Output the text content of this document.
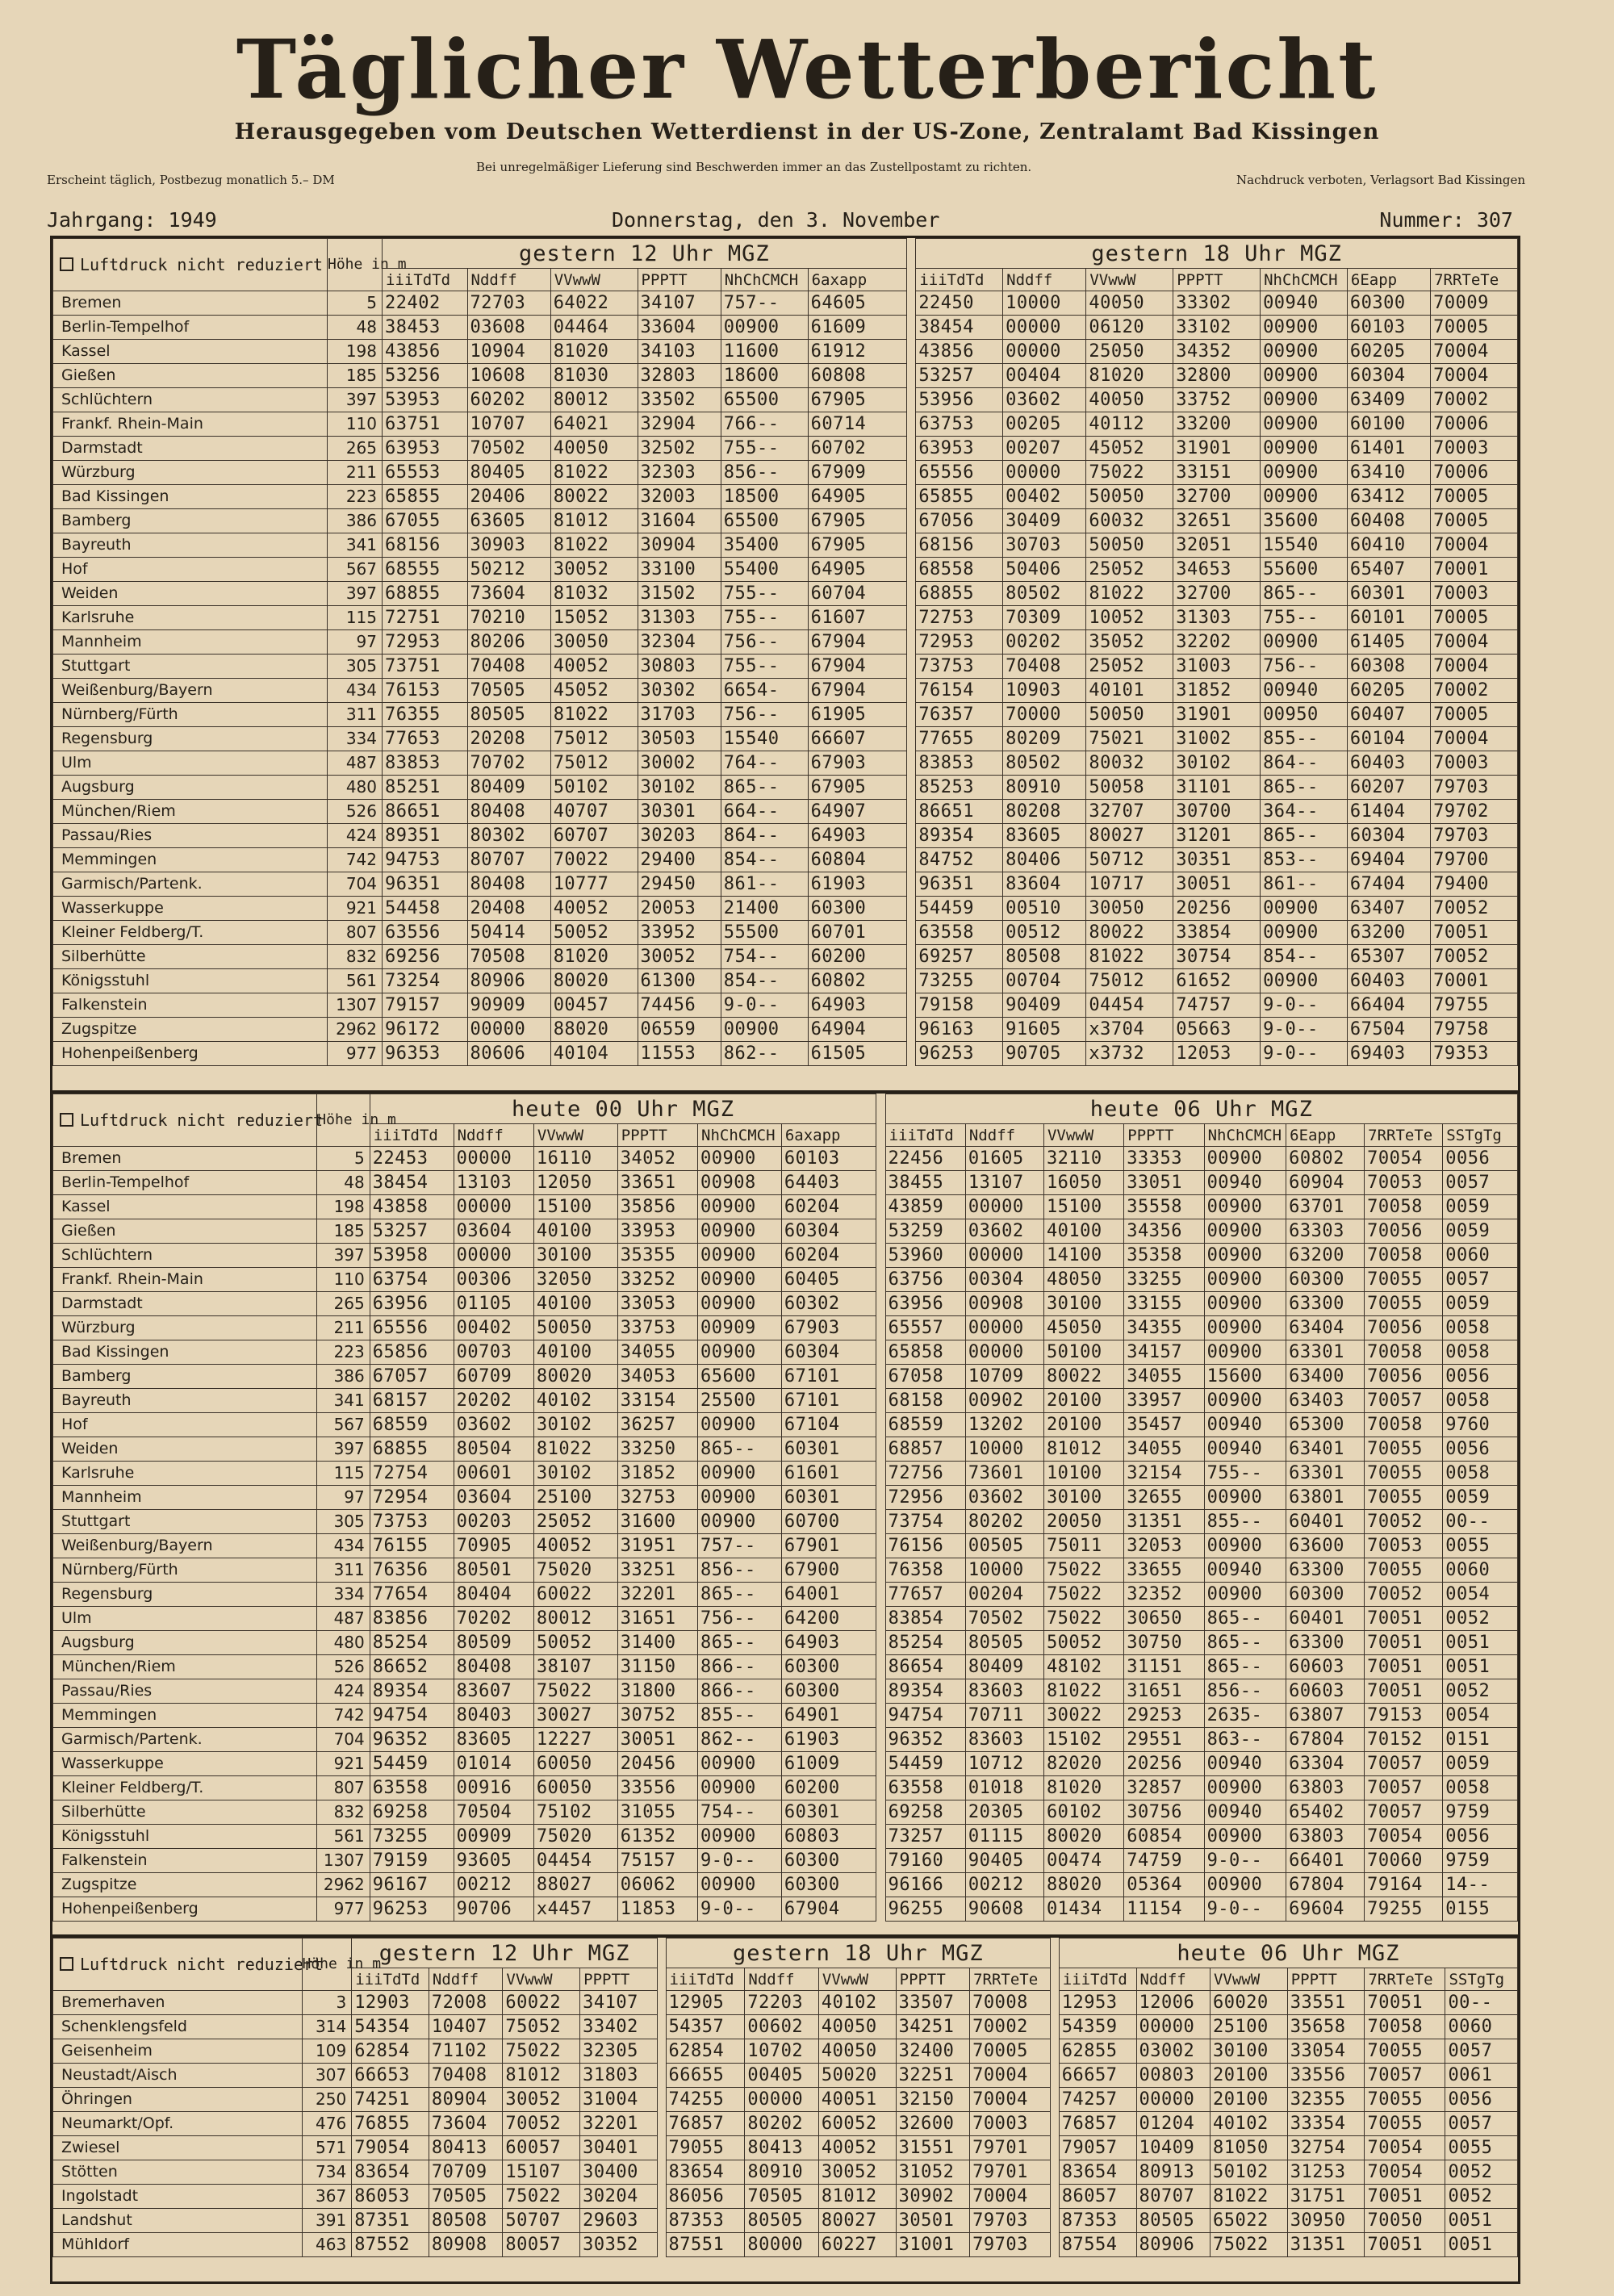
Täglicher Wetterbericht
Herausgegeben vom Deutschen Wetterdienst in der US-Zone, Zentralamt Bad Kissingen
Erscheint täglich, Postbezug monatlich 5.– DM
Bei unregelmäßiger Lieferung sind Beschwerden immer an das Zustellpostamt zu richten.
Nachdruck verboten, Verlagsort Bad Kissingen
Jahrgang: 1949	Donnerstag, den 3. November	Nummer: 307
Luftdruck nicht reduziert	Höhe in m	gestern 12 Uhr MGZ							gestern 18 Uhr MGZ						
		iiiTdTd	Nddff	VVwwW	PPPTT	NhChCMCH	6axapp		iiiTdTd	Nddff	VVwwW	PPPTT	NhChCMCH	6Eapp	7RRTeTe
Bremen	5	22402	72703	64022	34107	757--	64605		22450	10000	40050	33302	00940	60300	70009
Berlin-Tempelhof	48	38453	03608	04464	33604	00900	61609		38454	00000	06120	33102	00900	60103	70005
Kassel	198	43856	10904	81020	34103	11600	61912		43856	00000	25050	34352	00900	60205	70004
Gießen	185	53256	10608	81030	32803	18600	60808		53257	00404	81020	32800	00900	60304	70004
Schlüchtern	397	53953	60202	80012	33502	65500	67905		53956	03602	40050	33752	00900	63409	70002
Frankf. Rhein-Main	110	63751	10707	64021	32904	766--	60714		63753	00205	40112	33200	00900	60100	70006
Darmstadt	265	63953	70502	40050	32502	755--	60702		63953	00207	45052	31901	00900	61401	70003
Würzburg	211	65553	80405	81022	32303	856--	67909		65556	00000	75022	33151	00900	63410	70006
Bad Kissingen	223	65855	20406	80022	32003	18500	64905		65855	00402	50050	32700	00900	63412	70005
Bamberg	386	67055	63605	81012	31604	65500	67905		67056	30409	60032	32651	35600	60408	70005
Bayreuth	341	68156	30903	81022	30904	35400	67905		68156	30703	50050	32051	15540	60410	70004
Hof	567	68555	50212	30052	33100	55400	64905		68558	50406	25052	34653	55600	65407	70001
Weiden	397	68855	73604	81032	31502	755--	60704		68855	80502	81022	32700	865--	60301	70003
Karlsruhe	115	72751	70210	15052	31303	755--	61607		72753	70309	10052	31303	755--	60101	70005
Mannheim	97	72953	80206	30050	32304	756--	67904		72953	00202	35052	32202	00900	61405	70004
Stuttgart	305	73751	70408	40052	30803	755--	67904		73753	70408	25052	31003	756--	60308	70004
Weißenburg/Bayern	434	76153	70505	45052	30302	6654-	67904		76154	10903	40101	31852	00940	60205	70002
Nürnberg/Fürth	311	76355	80505	81022	31703	756--	61905		76357	70000	50050	31901	00950	60407	70005
Regensburg	334	77653	20208	75012	30503	15540	66607		77655	80209	75021	31002	855--	60104	70004
Ulm	487	83853	70702	75012	30002	764--	67903		83853	80502	80032	30102	864--	60403	70003
Augsburg	480	85251	80409	50102	30102	865--	67905		85253	80910	50058	31101	865--	60207	79703
München/Riem	526	86651	80408	40707	30301	664--	64907		86651	80208	32707	30700	364--	61404	79702
Passau/Ries	424	89351	80302	60707	30203	864--	64903		89354	83605	80027	31201	865--	60304	79703
Memmingen	742	94753	80707	70022	29400	854--	60804		84752	80406	50712	30351	853--	69404	79700
Garmisch/Partenk.	704	96351	80408	10777	29450	861--	61903		96351	83604	10717	30051	861--	67404	79400
Wasserkuppe	921	54458	20408	40052	20053	21400	60300		54459	00510	30050	20256	00900	63407	70052
Kleiner Feldberg/T.	807	63556	50414	50052	33952	55500	60701		63558	00512	80022	33854	00900	63200	70051
Silberhütte	832	69256	70508	81020	30052	754--	60200		69257	80508	81022	30754	854--	65307	70052
Königsstuhl	561	73254	80906	80020	61300	854--	60802		73255	00704	75012	61652	00900	60403	70001
Falkenstein	1307	79157	90909	00457	74456	9-0--	64903		79158	90409	04454	74757	9-0--	66404	79755
Zugspitze	2962	96172	00000	88020	06559	00900	64904		96163	91605	x3704	05663	9-0--	67504	79758
Hohenpeißenberg	977	96353	80606	40104	11553	862--	61505		96253	90705	x3732	12053	9-0--	69403	79353
Luftdruck nicht reduziert	Höhe in m	heute 00 Uhr MGZ							heute 06 Uhr MGZ							
		iiiTdTd	Nddff	VVwwW	PPPTT	NhChCMCH	6axapp		iiiTdTd	Nddff	VVwwW	PPPTT	NhChCMCH	6Eapp	7RRTeTe	SSTgTg
Bremen	5	22453	00000	16110	34052	00900	60103		22456	01605	32110	33353	00900	60802	70054	0056
Berlin-Tempelhof	48	38454	13103	12050	33651	00908	64403		38455	13107	16050	33051	00940	60904	70053	0057
Kassel	198	43858	00000	15100	35856	00900	60204		43859	00000	15100	35558	00900	63701	70058	0059
Gießen	185	53257	03604	40100	33953	00900	60304		53259	03602	40100	34356	00900	63303	70056	0059
Schlüchtern	397	53958	00000	30100	35355	00900	60204		53960	00000	14100	35358	00900	63200	70058	0060
Frankf. Rhein-Main	110	63754	00306	32050	33252	00900	60405		63756	00304	48050	33255	00900	60300	70055	0057
Darmstadt	265	63956	01105	40100	33053	00900	60302		63956	00908	30100	33155	00900	63300	70055	0059
Würzburg	211	65556	00402	50050	33753	00909	67903		65557	00000	45050	34355	00900	63404	70056	0058
Bad Kissingen	223	65856	00703	40100	34055	00900	60304		65858	00000	50100	34157	00900	63301	70058	0058
Bamberg	386	67057	60709	80020	34053	65600	67101		67058	10709	80022	34055	15600	63400	70056	0056
Bayreuth	341	68157	20202	40102	33154	25500	67101		68158	00902	20100	33957	00900	63403	70057	0058
Hof	567	68559	03602	30102	36257	00900	67104		68559	13202	20100	35457	00940	65300	70058	9760
Weiden	397	68855	80504	81022	33250	865--	60301		68857	10000	81012	34055	00940	63401	70055	0056
Karlsruhe	115	72754	00601	30102	31852	00900	61601		72756	73601	10100	32154	755--	63301	70055	0058
Mannheim	97	72954	03604	25100	32753	00900	60301		72956	03602	30100	32655	00900	63801	70055	0059
Stuttgart	305	73753	00203	25052	31600	00900	60700		73754	80202	20050	31351	855--	60401	70052	00--
Weißenburg/Bayern	434	76155	70905	40052	31951	757--	67901		76156	00505	75011	32053	00900	63600	70053	0055
Nürnberg/Fürth	311	76356	80501	75020	33251	856--	67900		76358	10000	75022	33655	00940	63300	70055	0060
Regensburg	334	77654	80404	60022	32201	865--	64001		77657	00204	75022	32352	00900	60300	70052	0054
Ulm	487	83856	70202	80012	31651	756--	64200		83854	70502	75022	30650	865--	60401	70051	0052
Augsburg	480	85254	80509	50052	31400	865--	64903		85254	80505	50052	30750	865--	63300	70051	0051
München/Riem	526	86652	80408	38107	31150	866--	60300		86654	80409	48102	31151	865--	60603	70051	0051
Passau/Ries	424	89354	83607	75022	31800	866--	60300		89354	83603	81022	31651	856--	60603	70051	0052
Memmingen	742	94754	80403	30027	30752	855--	64901		94754	70711	30022	29253	2635-	63807	79153	0054
Garmisch/Partenk.	704	96352	83605	12227	30051	862--	61903		96352	83603	15102	29551	863--	67804	70152	0151
Wasserkuppe	921	54459	01014	60050	20456	00900	61009		54459	10712	82020	20256	00940	63304	70057	0059
Kleiner Feldberg/T.	807	63558	00916	60050	33556	00900	60200		63558	01018	81020	32857	00900	63803	70057	0058
Silberhütte	832	69258	70504	75102	31055	754--	60301		69258	20305	60102	30756	00940	65402	70057	9759
Königsstuhl	561	73255	00909	75020	61352	00900	60803		73257	01115	80020	60854	00900	63803	70054	0056
Falkenstein	1307	79159	93605	04454	75157	9-0--	60300		79160	90405	00474	74759	9-0--	66401	70060	9759
Zugspitze	2962	96167	00212	88027	06062	00900	60300		96166	00212	88020	05364	00900	67804	79164	14--
Hohenpeißenberg	977	96253	90706	x4457	11853	9-0--	67904		96255	90608	01434	11154	9-0--	69604	79255	0155
Luftdruck nicht reduziert	Höhe in m	gestern 12 Uhr MGZ					gestern 18 Uhr MGZ						heute 06 Uhr MGZ					
		iiiTdTd	Nddff	VVwwW	PPPTT		iiiTdTd	Nddff	VVwwW	PPPTT	7RRTeTe		iiiTdTd	Nddff	VVwwW	PPPTT	7RRTeTe	SSTgTg
Bremerhaven	3	12903	72008	60022	34107		12905	72203	40102	33507	70008		12953	12006	60020	33551	70051	00--
Schenklengsfeld	314	54354	10407	75052	33402		54357	00602	40050	34251	70002		54359	00000	25100	35658	70058	0060
Geisenheim	109	62854	71102	75022	32305		62854	10702	40050	32400	70005		62855	03002	30100	33054	70055	0057
Neustadt/Aisch	307	66653	70408	81012	31803		66655	00405	50020	32251	70004		66657	00803	20100	33556	70057	0061
Öhringen	250	74251	80904	30052	31004		74255	00000	40051	32150	70004		74257	00000	20100	32355	70055	0056
Neumarkt/Opf.	476	76855	73604	70052	32201		76857	80202	60052	32600	70003		76857	01204	40102	33354	70055	0057
Zwiesel	571	79054	80413	60057	30401		79055	80413	40052	31551	79701		79057	10409	81050	32754	70054	0055
Stötten	734	83654	70709	15107	30400		83654	80910	30052	31052	79701		83654	80913	50102	31253	70054	0052
Ingolstadt	367	86053	70505	75022	30204		86056	70505	81012	30902	70004		86057	80707	81022	31751	70051	0052
Landshut	391	87351	80508	50707	29603		87353	80505	80027	30501	79703		87353	80505	65022	30950	70050	0051
Mühldorf	463	87552	80908	80057	30352		87551	80000	60227	31001	79703		87554	80906	75022	31351	70051	0051
